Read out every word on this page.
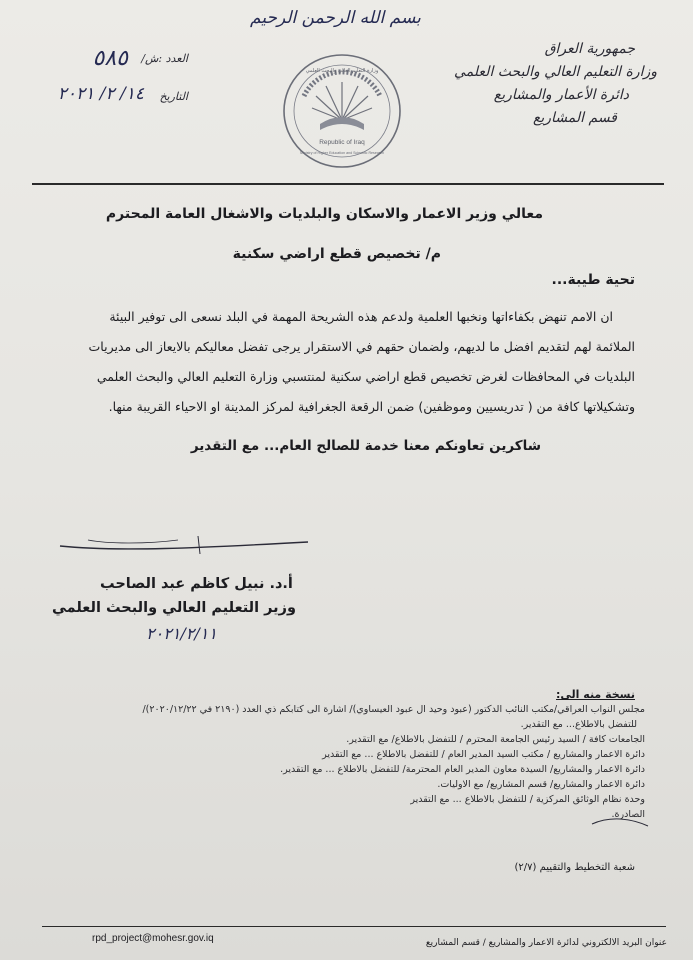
بسم الله الرحمن الرحيم
العدد :ش/
٥٨٥
التاريخ
١٤/ ٢/ ٢٠٢١
Republic of Iraq
Ministry of Higher Education and Scientific Research
وزارة التعليم العالي والبحث العلمي
جمهورية العراق
وزارة التعليم العالي والبحث العلمي
دائرة الأعمار والمشاريع
قسم المشاريع
معالي وزير الاعمار والاسكان والبلديات والاشغال العامة المحترم
م/ تخصيص قطع اراضي سكنية
تحية طيبة...
ان الامم تنهض بكفاءاتها ونخبها العلمية ولدعم هذه الشريحة المهمة في البلد نسعى الى توفير البيئة
الملائمة لهم لتقديم افضل ما لديهم، ولضمان حقهم في الاستقرار يرجى تفضل معاليكم بالايعاز الى مديريات
البلديات في المحافظات لغرض تخصيص قطع اراضي سكنية لمنتسبي وزارة التعليم العالي والبحث العلمي
وتشكيلاتها كافة من ( تدريسيين وموظفين) ضمن الرقعة الجغرافية لمركز المدينة او الاحياء القريبة منها.
شاكرين تعاونكم معنا خدمة للصالح العام... مع التقدير
أ.د. نبيل كاظم عبد الصاحب
وزير التعليم العالي والبحث العلمي
٢٠٢١/٢/١١
نسخة منه الى:
مجلس النواب العراقي/مكتب النائب الدكتور (عبود وحيد ال عبود العيساوي)/ اشارة الى كتابكم ذي العدد (٢١٩٠ في ٢٠٢٠/١٢/٢٢)/
للتفضل بالاطلاع... مع التقدير.
الجامعات كافة / السيد رئيس الجامعة المحترم / للتفضل بالاطلاع/ مع التقدير.
دائرة الاعمار والمشاريع / مكتب السيد المدير العام / للتفضل بالاطلاع ... مع التقدير
دائرة الاعمار والمشاريع/ السيدة معاون المدير العام المحترمة/ للتفضل بالاطلاع ... مع التقدير.
دائرة الاعمار والمشاريع/ قسم المشاريع/ مع الاوليات.
وحدة نظام الوثائق المركزية / للتفضل بالاطلاع ... مع التقدير
الصادرة.
شعبة التخطيط والتقييم (٢/٧)
rpd_project@mohesr.gov.iq	عنوان البريد الالكتروني لدائرة الاعمار والمشاريع / قسم المشاريع
